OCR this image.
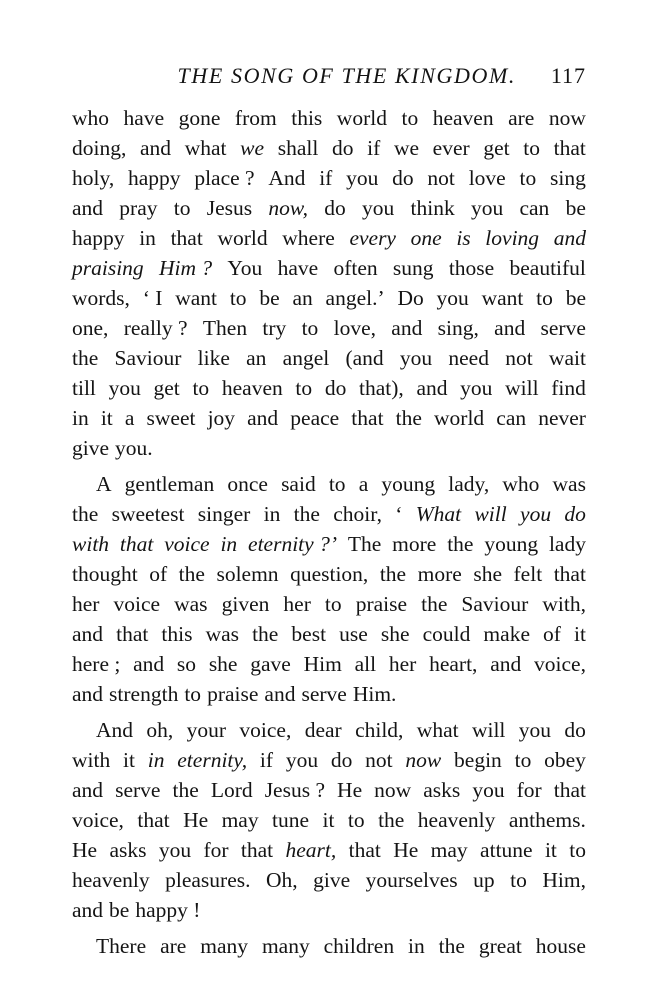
THE SONG OF THE KINGDOM. 117
who have gone from this world to heaven are now
doing, and what we shall do if we ever get to that
holy, happy place ? And if you do not love to sing
and pray to Jesus now, do you think you can be
happy in that world where every one is loving and
praising Him ? You have often sung those beautiful
words, ‘ I want to be an angel.’ Do you want to be
one, really ? Then try to love, and sing, and serve
the Saviour like an angel (and you need not wait
till you get to heaven to do that), and you will find
in it a sweet joy and peace that the world can never
give you.
A gentleman once said to a young lady, who was
the sweetest singer in the choir, ‘ What will you do
with that voice in eternity ?’ The more the young lady
thought of the solemn question, the more she felt that
her voice was given her to praise the Saviour with,
and that this was the best use she could make of it
here ; and so she gave Him all her heart, and voice,
and strength to praise and serve Him.
And oh, your voice, dear child, what will you do
with it in eternity, if you do not now begin to obey
and serve the Lord Jesus ? He now asks you for that
voice, that He may tune it to the heavenly anthems.
He asks you for that heart, that He may attune it to
heavenly pleasures. Oh, give yourselves up to Him,
and be happy !
There are many many children in the great house
